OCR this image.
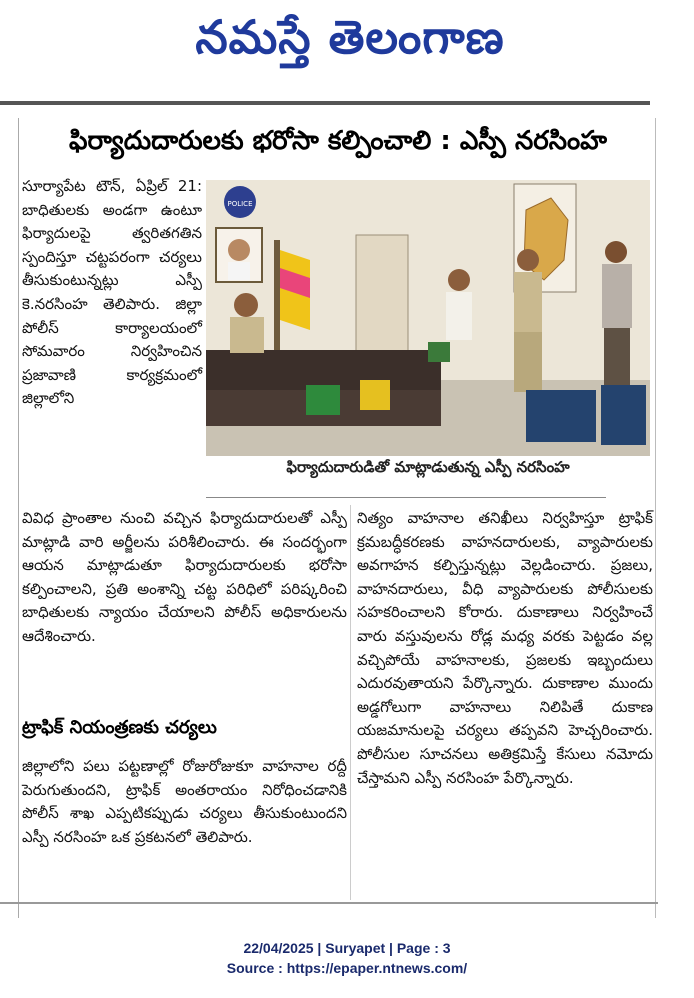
నమస్తే తెలంగాణ
ఫిర్యాదుదారులకు భరోసా కల్పించాలి : ఎస్పీ నరసింహ

సూర్యాపేట టౌన్, ఏప్రిల్ 21: బాధితులకు అండగా ఉంటూ ఫిర్యాదులపై త్వరితగతిన స్పందిస్తూ చట్టపరంగా చర్యలు తీసుకుంటున్నట్లు ఎస్పీ కె.నరసింహ తెలిపారు. జిల్లా పోలీస్ కార్యాలయంలో సోమవారం నిర్వహించిన ప్రజావాణి కార్యక్రమంలో జిల్లాలోని

POLICE
ఫిర్యాదుదారుడితో మాట్లాడుతున్న ఎస్పీ నరసింహ

వివిధ ప్రాంతాల నుంచి వచ్చిన ఫిర్యాదుదారులతో ఎస్పీ మాట్లాడి వారి అర్జీలను పరిశీలించారు. ఈ సందర్భంగా ఆయన మాట్లాడుతూ ఫిర్యాదుదారులకు భరోసా కల్పించాలని, ప్రతి అంశాన్ని చట్ట పరిధిలో పరిష్కరించి బాధితులకు న్యాయం చేయాలని పోలీస్ అధికారులను ఆదేశించారు.

నిత్యం వాహనాల తనిఖీలు నిర్వహిస్తూ ట్రాఫిక్ క్రమబద్ధీకరణకు వాహనదారులకు, వ్యాపారులకు అవగాహన కల్పిస్తున్నట్లు వెల్లడించారు. ప్రజలు, వాహనదారులు, వీధి వ్యాపారులకు పోలీసులకు సహకరించాలని కోరారు. దుకాణాలు నిర్వహించే వారు వస్తువులను రోడ్ల మధ్య వరకు పెట్టడం వల్ల వచ్చిపోయే వాహనాలకు, ప్రజలకు ఇబ్బందులు ఎదురవుతాయని పేర్కొన్నారు. దుకాణాల ముందు అడ్డగోలుగా వాహనాలు నిలిపితే దుకాణ యజమానులపై చర్యలు తప్పవని హెచ్చరించారు. పోలీసుల సూచనలు అతిక్రమిస్తే కేసులు నమోదు చేస్తామని ఎస్పీ నరసింహ పేర్కొన్నారు.

ట్రాఫిక్ నియంత్రణకు చర్యలు

జిల్లాలోని పలు పట్టణాల్లో రోజురోజుకూ వాహనాల రద్దీ పెరుగుతుందని, ట్రాఫిక్ అంతరాయం నిరోధించడానికి పోలీస్ శాఖ ఎప్పటికప్పుడు చర్యలు తీసుకుంటుందని ఎస్పీ నరసింహ ఒక ప్రకటనలో తెలిపారు.

22/04/2025 | Suryapet | Page : 3
Source : https://epaper.ntnews.com/
